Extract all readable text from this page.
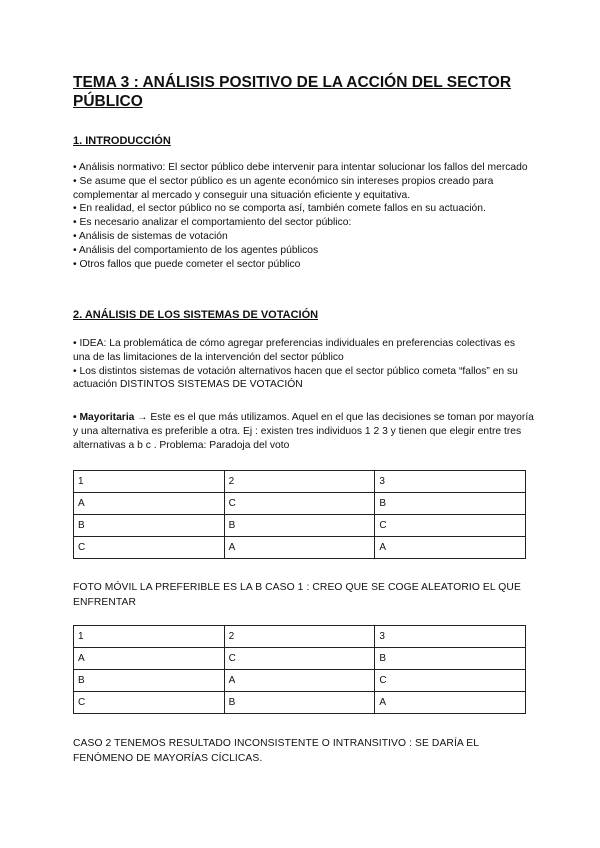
TEMA 3 : ANÁLISIS POSITIVO DE LA ACCIÓN DEL SECTOR PÚBLICO
1. INTRODUCCIÓN

• Análisis normativo: El sector público debe intervenir para intentar solucionar los fallos del mercado

• Se asume que el sector público es un agente económico sin intereses propios creado para complementar al mercado y conseguir una situación eficiente y equitativa.

• En realidad, el sector público no se comporta así, también comete fallos en su actuación.

• Es necesario analizar el comportamiento del sector público:

• Análisis de sistemas de votación

• Análisis del comportamiento de los agentes públicos

• Otros fallos que puede cometer el sector público

2. ANÁLISIS DE LOS SISTEMAS DE VOTACIÓN

• IDEA: La problemática de cómo agregar preferencias individuales en preferencias colectivas es una de las limitaciones de la intervención del sector público

• Los distintos sistemas de votación alternativos hacen que el sector público cometa “fallos” en su actuación DISTINTOS SISTEMAS DE VOTACIÓN

• Mayoritaria → Este es el que más utilizamos. Aquel en el que las decisiones se toman por mayoría y una alternativa es preferible a otra. Ej : existen tres individuos 1 2 3 y tienen que elegir entre tres alternativas a b c . Problema: Paradoja del voto

1	2	3
A	C	B
B	B	C
C	A	A
FOTO MÓVIL LA PREFERIBLE ES LA B CASO 1 : CREO QUE SE COGE ALEATORIO EL QUE ENFRENTAR
1	2	3
A	C	B
B	A	C
C	B	A
CASO 2 TENEMOS RESULTADO INCONSISTENTE O INTRANSITIVO : SE DARÍA EL FENÓMENO DE MAYORÍAS CÍCLICAS.
